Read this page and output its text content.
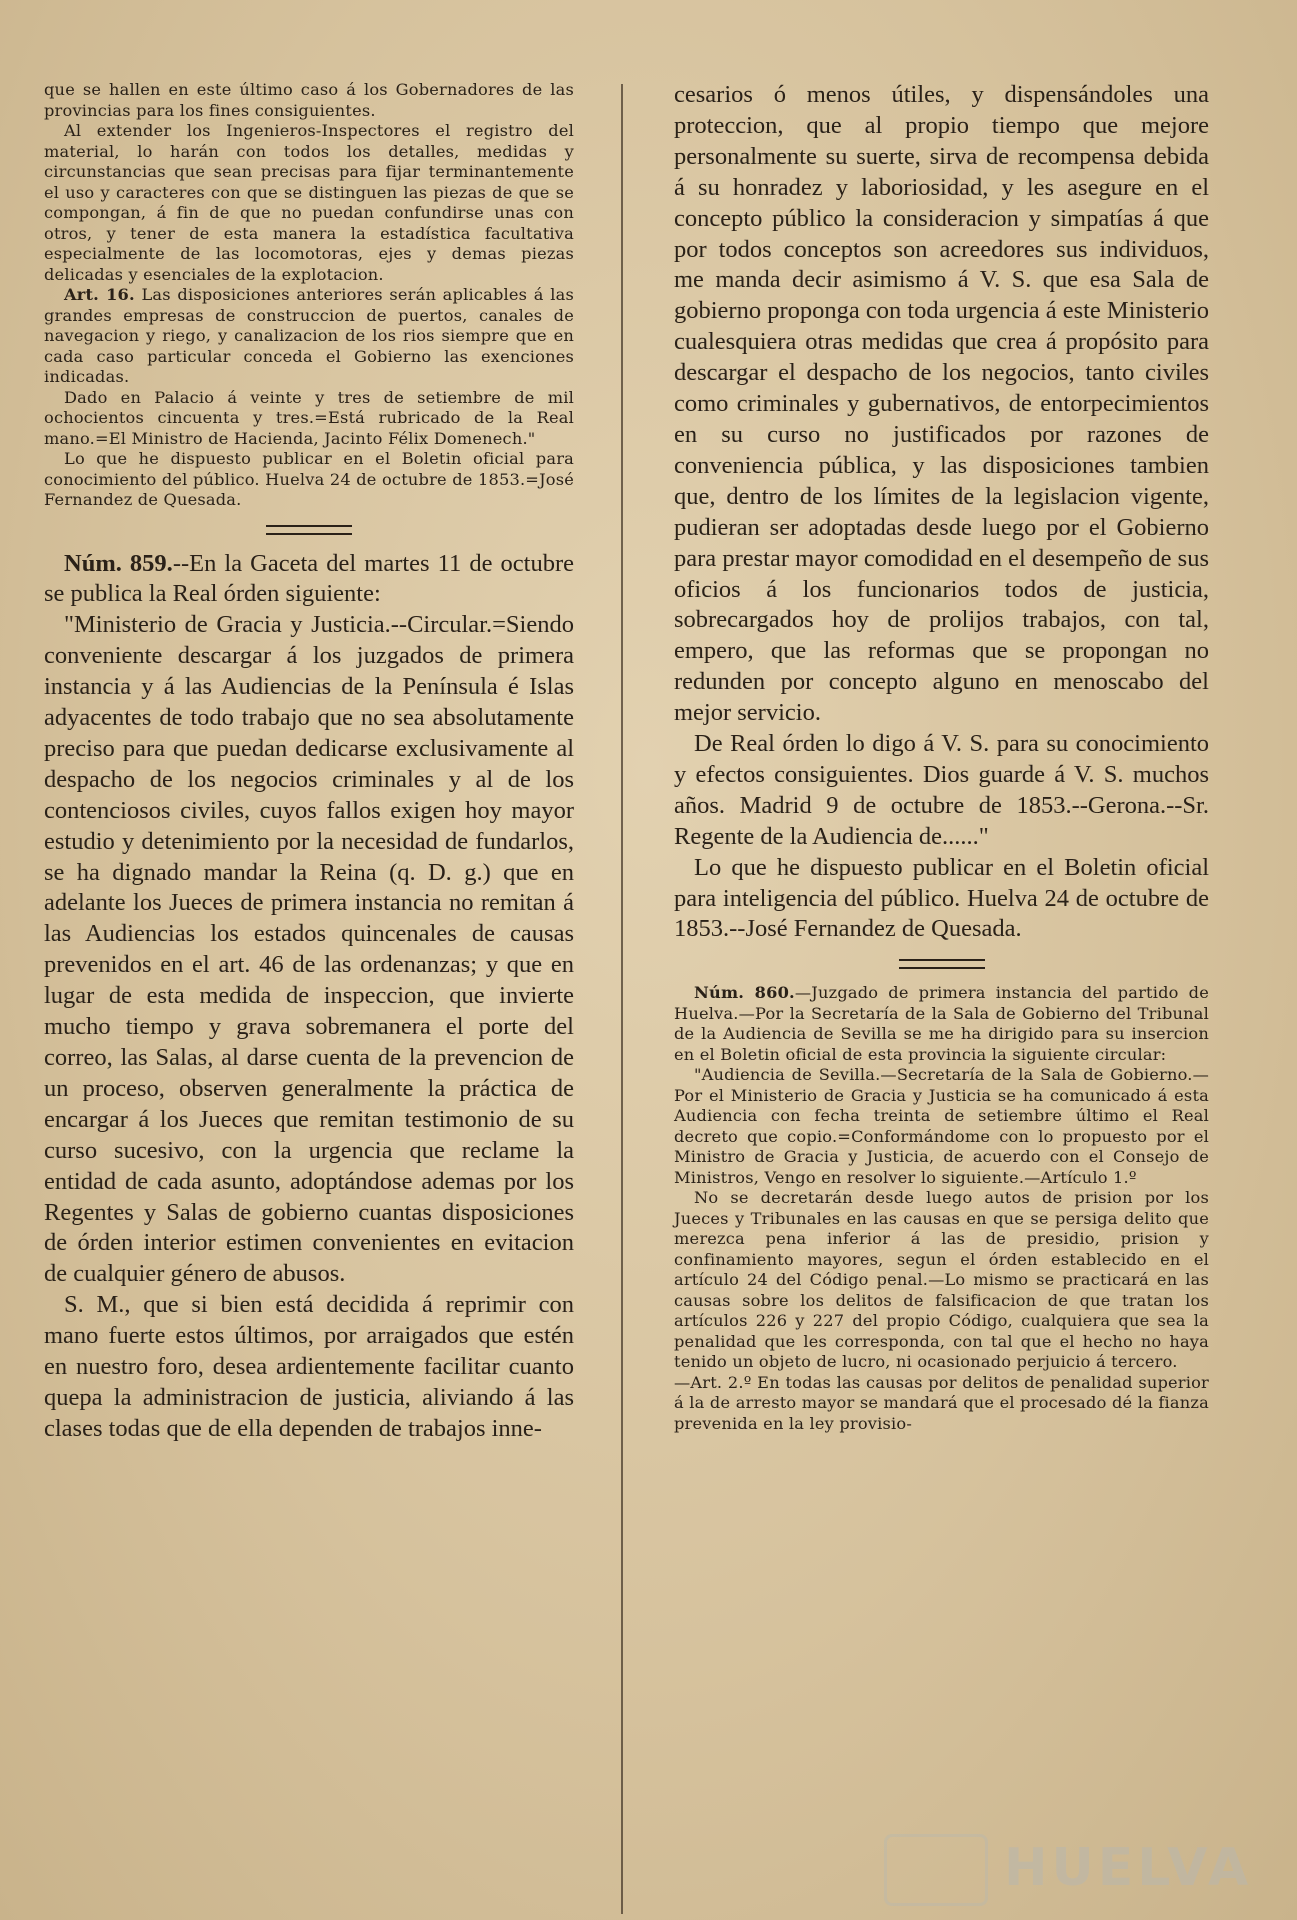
que se hallen en este último caso á los Gobernadores de las provincias para los fines consiguientes.

Al extender los Ingenieros-Inspectores el registro del material, lo harán con todos los detalles, medidas y circunstancias que sean precisas para fijar terminantemente el uso y caracteres con que se distinguen las piezas de que se compongan, á fin de que no puedan confundirse unas con otros, y tener de esta manera la estadística facultativa especialmente de las locomotoras, ejes y demas piezas delicadas y esenciales de la explotacion.

Art. 16. Las disposiciones anteriores serán aplicables á las grandes empresas de construccion de puertos, canales de navegacion y riego, y canalizacion de los rios siempre que en cada caso particular conceda el Gobierno las exenciones indicadas.

Dado en Palacio á veinte y tres de setiembre de mil ochocientos cincuenta y tres.=Está rubricado de la Real mano.=El Ministro de Hacienda, Jacinto Félix Domenech."

Lo que he dispuesto publicar en el Boletin oficial para conocimiento del público. Huelva 24 de octubre de 1853.=José Fernandez de Quesada.

Núm. 859.--En la Gaceta del martes 11 de octubre se publica la Real órden siguiente:

"Ministerio de Gracia y Justicia.--Circular.=Siendo conveniente descargar á los juzgados de primera instancia y á las Audiencias de la Península é Islas adyacentes de todo trabajo que no sea absolutamente preciso para que puedan dedicarse exclusivamente al despacho de los negocios criminales y al de los contenciosos civiles, cuyos fallos exigen hoy mayor estudio y detenimiento por la necesidad de fundarlos, se ha dignado mandar la Reina (q. D. g.) que en adelante los Jueces de primera instancia no remitan á las Audiencias los estados quincenales de causas prevenidos en el art. 46 de las ordenanzas; y que en lugar de esta medida de inspeccion, que invierte mucho tiempo y grava sobremanera el porte del correo, las Salas, al darse cuenta de la prevencion de un proceso, observen generalmente la práctica de encargar á los Jueces que remitan testimonio de su curso sucesivo, con la urgencia que reclame la entidad de cada asunto, adoptándose ademas por los Regentes y Salas de gobierno cuantas disposiciones de órden interior estimen convenientes en evitacion de cualquier género de abusos.

S. M., que si bien está decidida á reprimir con mano fuerte estos últimos, por arraigados que estén en nuestro foro, desea ardientemente facilitar cuanto quepa la administracion de justicia, aliviando á las clases todas que de ella dependen de trabajos inne-

cesarios ó menos útiles, y dispensándoles una proteccion, que al propio tiempo que mejore personalmente su suerte, sirva de recompensa debida á su honradez y laboriosidad, y les asegure en el concepto público la consideracion y simpatías á que por todos conceptos son acreedores sus individuos, me manda decir asimismo á V. S. que esa Sala de gobierno proponga con toda urgencia á este Ministerio cualesquiera otras medidas que crea á propósito para descargar el despacho de los negocios, tanto civiles como criminales y gubernativos, de entorpecimientos en su curso no justificados por razones de conveniencia pública, y las disposiciones tambien que, dentro de los límites de la legislacion vigente, pudieran ser adoptadas desde luego por el Gobierno para prestar mayor comodidad en el desempeño de sus oficios á los funcionarios todos de justicia, sobrecargados hoy de prolijos trabajos, con tal, empero, que las reformas que se propongan no redunden por concepto alguno en menoscabo del mejor servicio.

De Real órden lo digo á V. S. para su conocimiento y efectos consiguientes. Dios guarde á V. S. muchos años. Madrid 9 de octubre de 1853.--Gerona.--Sr. Regente de la Audiencia de......"

Lo que he dispuesto publicar en el Boletin oficial para inteligencia del público. Huelva 24 de octubre de 1853.--José Fernandez de Quesada.

Núm. 860.—Juzgado de primera instancia del partido de Huelva.—Por la Secretaría de la Sala de Gobierno del Tribunal de la Audiencia de Sevilla se me ha dirigido para su insercion en el Boletin oficial de esta provincia la siguiente circular:

"Audiencia de Sevilla.—Secretaría de la Sala de Gobierno.—Por el Ministerio de Gracia y Justicia se ha comunicado á esta Audiencia con fecha treinta de setiembre último el Real decreto que copio.=Conformándome con lo propuesto por el Ministro de Gracia y Justicia, de acuerdo con el Consejo de Ministros, Vengo en resolver lo siguiente.—Artículo 1.º

No se decretarán desde luego autos de prision por los Jueces y Tribunales en las causas en que se persiga delito que merezca pena inferior á las de presidio, prision y confinamiento mayores, segun el órden establecido en el artículo 24 del Código penal.—Lo mismo se practicará en las causas sobre los delitos de falsificacion de que tratan los artículos 226 y 227 del propio Código, cualquiera que sea la penalidad que les corresponda, con tal que el hecho no haya tenido un objeto de lucro, ni ocasionado perjuicio á tercero.

—Art. 2.º En todas las causas por delitos de penalidad superior á la de arresto mayor se mandará que el procesado dé la fianza prevenida en la ley provisio-

HUELVA
